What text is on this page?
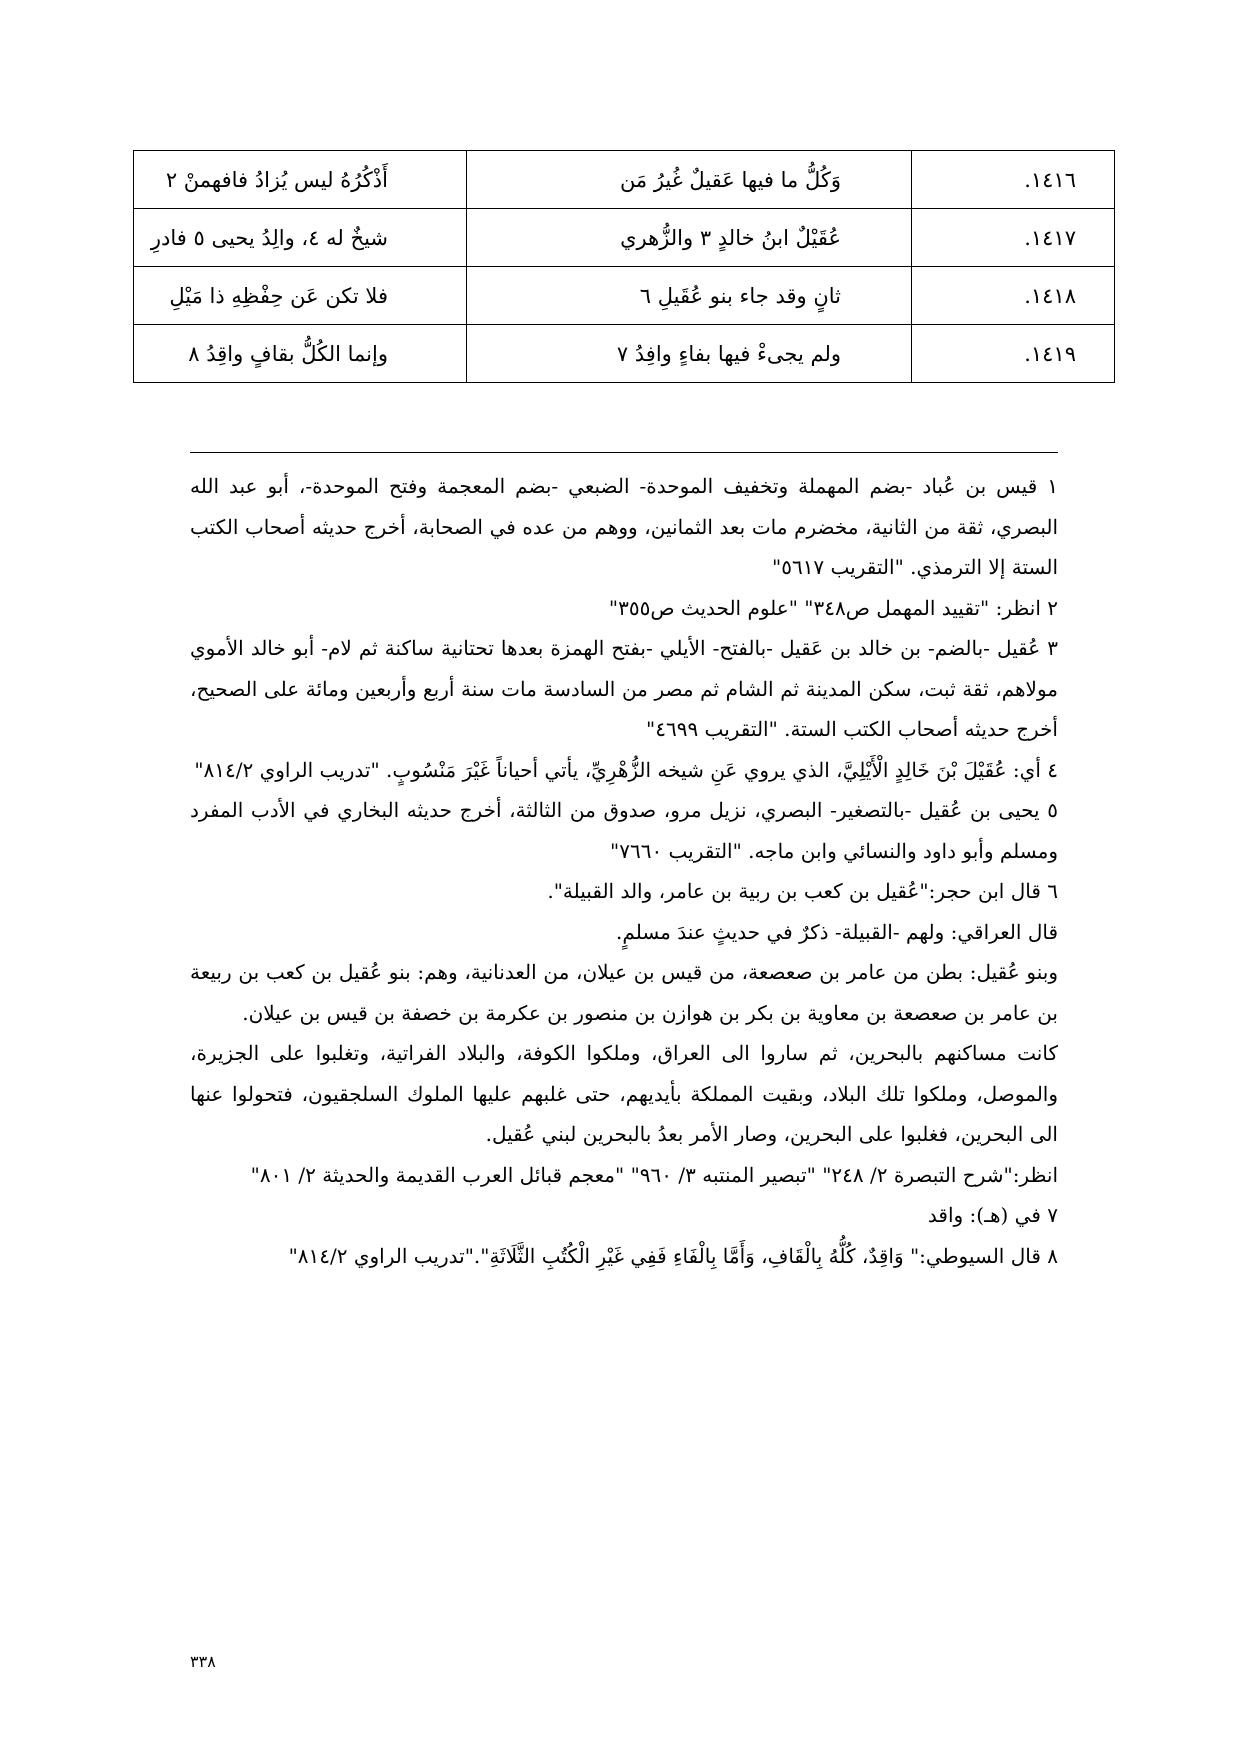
١٤١٦.	وَكُلُّ ما فيها عَقيلٌ غُيرُ مَن	أَذْكُرُهُ ليس يُزادُ فافهمنْ ٢
١٤١٧.	عُقَيْلٌ ابنُ خالدٍ ٣ والزُّهري	شيخٌ له ٤، والِدُ يحيى ٥ فادرِ
١٤١٨.	ثانٍ وقد جاء بنو عُقَيلِ ٦	فلا تكن عَن حِفْظِهِ ذا مَيْلِ
١٤١٩.	ولم يجىءْ فيها بفاءٍ وافِدُ ٧	وإنما الكُلُّ بقافٍ واقِدُ ٨

١ قيس بن عُباد -بضم المهملة وتخفيف الموحدة- الضبعي -بضم المعجمة وفتح الموحدة-، أبو عبد الله البصري، ثقة من الثانية، مخضرم مات بعد الثمانين، ووهم من عده في الصحابة، أخرج حديثه أصحاب الكتب الستة إلا الترمذي. "التقريب ٥٦١٧"

٢ انظر: "تقييد المهمل ص٣٤٨" "علوم الحديث ص٣٥٥"

٣ عُقيل -بالضم- بن خالد بن عَقيل -بالفتح- الأيلي -بفتح الهمزة بعدها تحتانية ساكنة ثم لام- أبو خالد الأموي مولاهم، ثقة ثبت، سكن المدينة ثم الشام ثم مصر من السادسة مات سنة أربع وأربعين ومائة على الصحيح، أخرج حديثه أصحاب الكتب الستة. "التقريب ٤٦٩٩"

٤ أي: عُقَيْلَ بْنَ خَالِدٍ الْأَيْلِيَّ، الذي يروي عَنِ شيخه الزُّهْرِيِّ، يأتي أحياناً غَيْرَ مَنْسُوبٍ. "تدريب الراوي ٨١٤/٢"

٥ يحيى بن عُقيل -بالتصغير- البصري، نزيل مرو، صدوق من الثالثة، أخرج حديثه البخاري في الأدب المفرد ومسلم وأبو داود والنسائي وابن ماجه. "التقريب ٧٦٦٠"

٦ قال ابن حجر:"عُقيل بن كعب بن ربية بن عامر، والد القبيلة".

قال العراقي: ولهم -القبيلة- ذكرٌ في حديثٍ عندَ مسلمٍ.

وبنو عُقيل: بطن من عامر بن صعصعة، من قيس بن عيلان، من العدنانية، وهم: بنو عُقيل بن كعب بن ربيعة بن عامر بن صعصعة بن معاوية بن بكر بن هوازن بن منصور بن عكرمة بن خصفة بن قيس بن عيلان.

كانت مساكنهم بالبحرين، ثم ساروا الى العراق، وملكوا الكوفة، والبلاد الفراتية، وتغلبوا على الجزيرة، والموصل، وملكوا تلك البلاد، وبقيت المملكة بأيديهم، حتى غلبهم عليها الملوك السلجقيون، فتحولوا عنها الى البحرين، فغلبوا على البحرين، وصار الأمر بعدُ بالبحرين لبني عُقيل.

انظر:"شرح التبصرة ٢/ ٢٤٨" "تبصير المنتبه ٣/ ٩٦٠" "معجم قبائل العرب القديمة والحديثة ٢/ ٨٠١"

٧ في (هـ): واقد

٨ قال السيوطي:" وَاقِدٌ، كُلُّهُ بِالْقَافِ، وَأَمَّا بِالْفَاءِ فَفِي غَيْرِ الْكُتُبِ الثَّلَاثَةِ"."تدريب الراوي ٨١٤/٢"

٣٣٨
